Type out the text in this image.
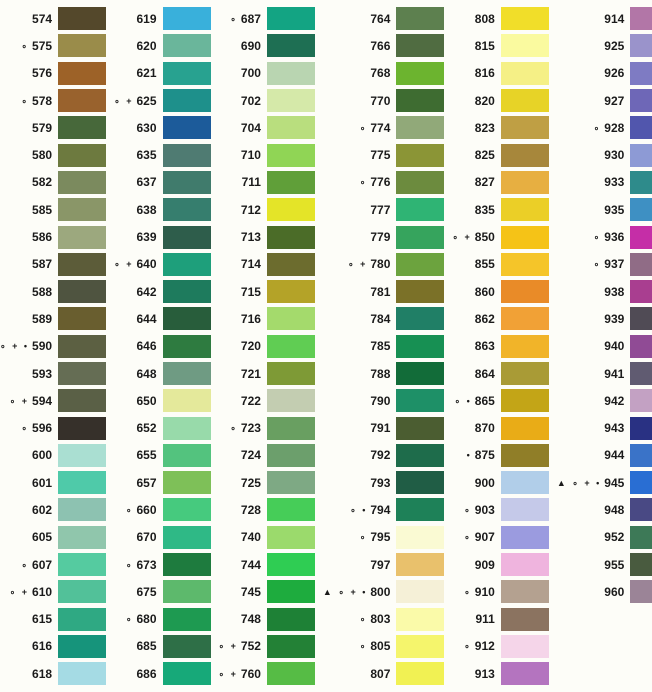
574
∘ 575
576
∘ 578
579
580
582
585
586
587
588
589
∘ + • 590
593
∘ + 594
∘ 596
600
601
602
605
∘ 607
∘ + 610
615
616
618
619
620
621
∘ + 625
630
635
637
638
639
∘ + 640
642
644
646
648
650
652
655
657
∘ 660
670
∘ 673
675
∘ 680
685
686
∘ 687
690
700
702
704
710
711
712
713
714
715
716
720
721
722
∘ 723
724
725
728
740
744
745
748
∘ + 752
∘ + 760
764
766
768
770
∘ 774
775
∘ 776
777
779
∘ + 780
781
784
785
788
790
791
792
793
∘ • 794
∘ 795
797
▲ ∘ + • 800
∘ 803
∘ 805
807
808
815
816
820
823
825
827
835
∘ + 850
855
860
862
863
864
∘ • 865
870
• 875
900
∘ 903
∘ 907
909
∘ 910
911
∘ 912
913
914
925
926
927
∘ 928
930
933
935
∘ 936
∘ 937
938
939
940
941
942
943
944
▲ ∘ + • 945
948
952
955
960
